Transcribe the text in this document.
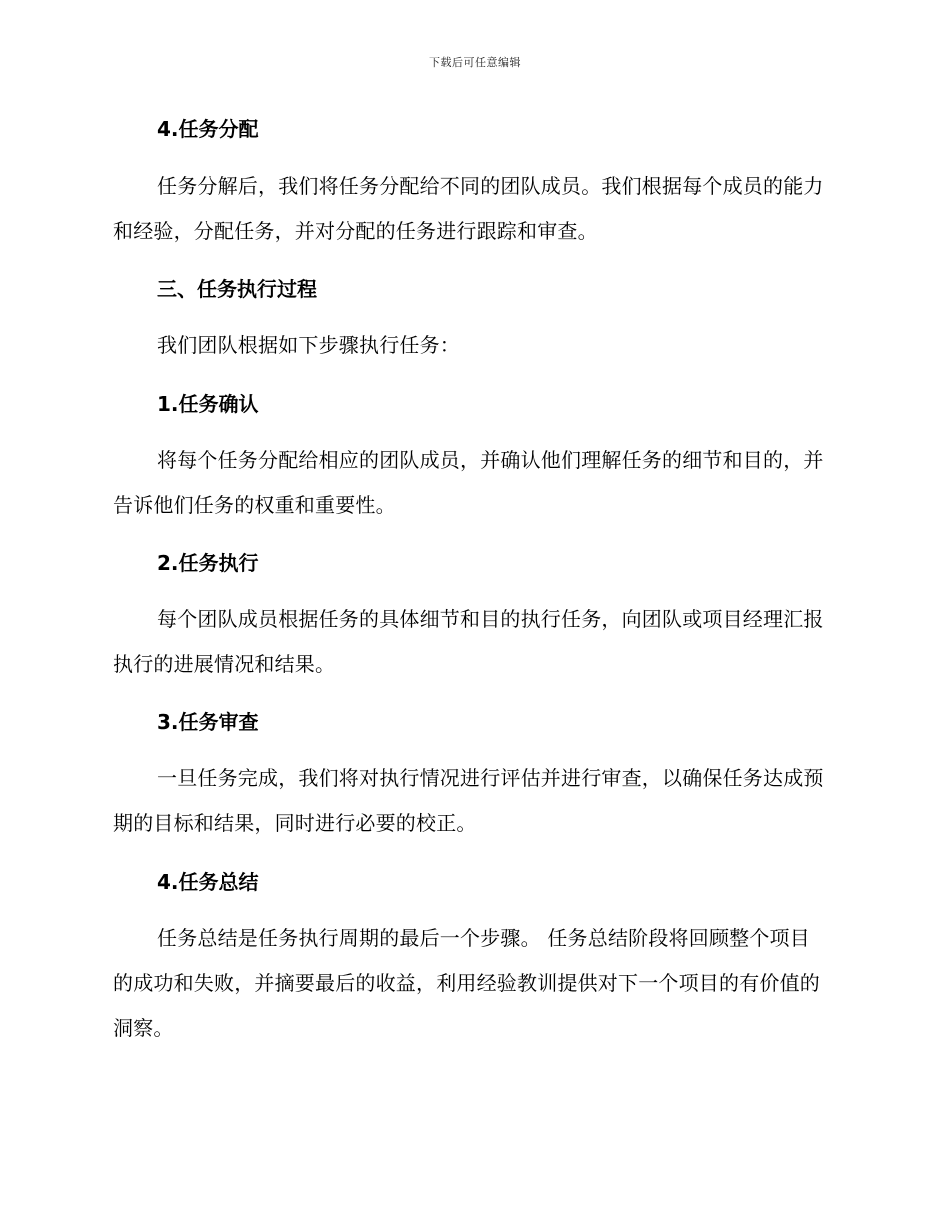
下载后可任意编辑
4.任务分配

任务分解后，我们将任务分配给不同的团队成员。我们根据每个成员的能力和经验，分配任务，并对分配的任务进行跟踪和审查。

三、任务执行过程

我们团队根据如下步骤执行任务：

1.任务确认

将每个任务分配给相应的团队成员，并确认他们理解任务的细节和目的，并告诉他们任务的权重和重要性。

2.任务执行

每个团队成员根据任务的具体细节和目的执行任务，向团队或项目经理汇报执行的进展情况和结果。

3.任务审查

一旦任务完成，我们将对执行情况进行评估并进行审查，以确保任务达成预期的目标和结果，同时进行必要的校正。

4.任务总结

任务总结是任务执行周期的最后一个步骤。 任务总结阶段将回顾整个项目的成功和失败，并摘要最后的收益，利用经验教训提供对下一个项目的有价值的洞察。
